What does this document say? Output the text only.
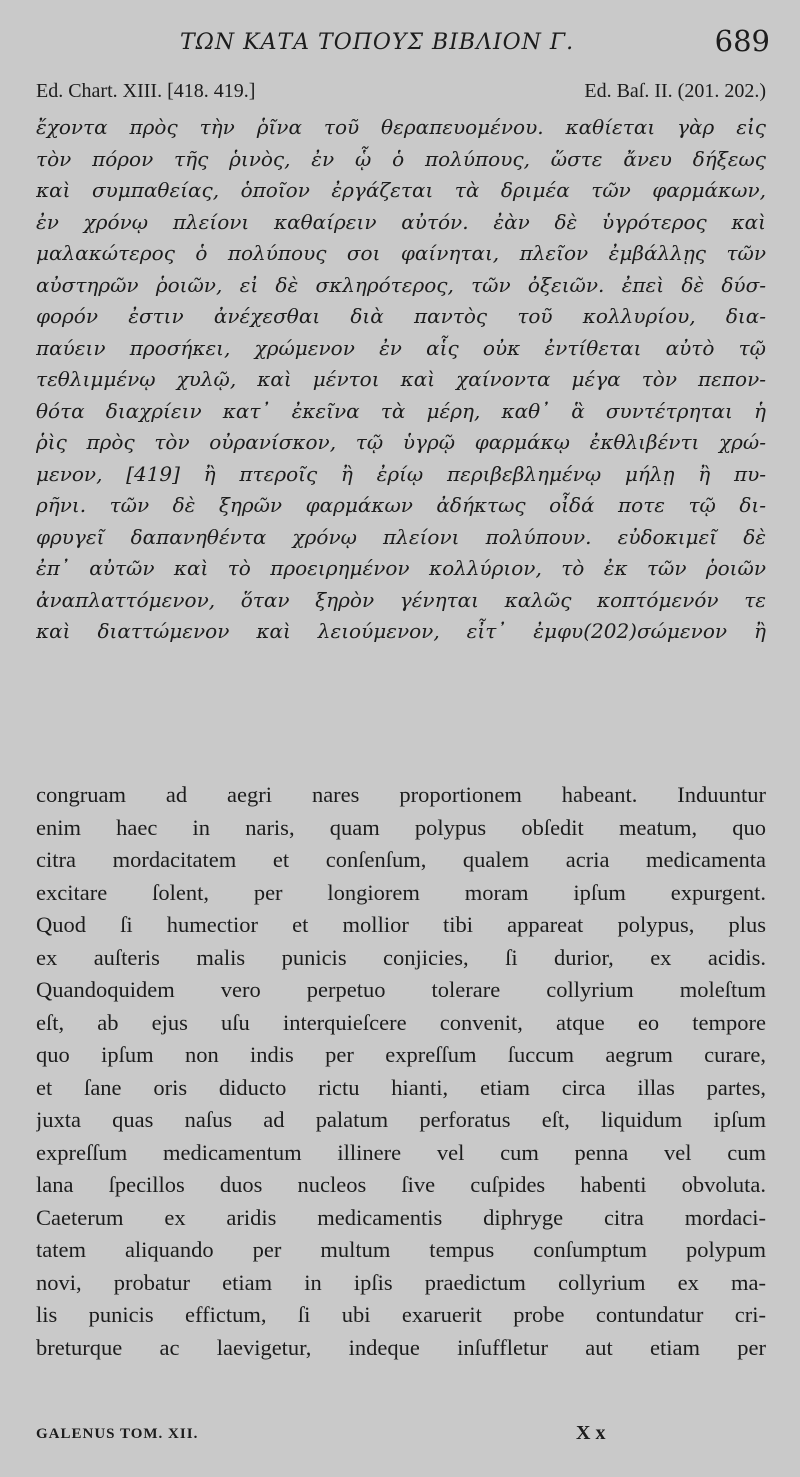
ΤΩΝ ΚΑΤΑ ΤΟΠΟΥΣ ΒΙΒΛΙΟΝ Γ.	689
Ed. Chart. XIII. [418. 419.]	Ed. Baſ. II. (201. 202.)
ἔχοντα πρὸς τὴν ῥῖνα τοῦ θεραπευομένου. καθίεται γὰρ εἰς
τὸν πόρον τῆς ῥινὸς, ἐν ᾧ ὁ πολύπους, ὥστε ἄνευ δήξεως
καὶ συμπαθείας, ὁποῖον ἐργάζεται τὰ δριμέα τῶν φαρμάκων,
ἐν χρόνῳ πλείονι καθαίρειν αὐτόν. ἐὰν δὲ ὑγρότερος καὶ
μαλακώτερος ὁ πολύπους σοι φαίνηται, πλεῖον ἐμβάλλῃς τῶν
αὐστηρῶν ῥοιῶν, εἰ δὲ σκληρότερος, τῶν ὀξειῶν. ἐπεὶ δὲ δύσ-
φορόν ἐστιν ἀνέχεσθαι διὰ παντὸς τοῦ κολλυρίου, δια-
παύειν προσήκει, χρώμενον ἐν αἷς οὐκ ἐντίθεται αὐτὸ τῷ
τεθλιμμένῳ χυλῷ, καὶ μέντοι καὶ χαίνοντα μέγα τὸν πεπον-
θότα διαχρίειν κατ᾽ ἐκεῖνα τὰ μέρη, καθ᾽ ἃ συντέτρηται ἡ
ῥὶς πρὸς τὸν οὐρανίσκον, τῷ ὑγρῷ φαρμάκῳ ἐκθλιβέντι χρώ-
μενον, [419] ἢ πτεροῖς ἢ ἐρίῳ περιβεβλημένῳ μήλῃ ἢ πυ-
ρῆνι. τῶν δὲ ξηρῶν φαρμάκων ἀδήκτως οἶδά ποτε τῷ δι-
φρυγεῖ δαπανηθέντα χρόνῳ πλείονι πολύπουν. εὐδοκιμεῖ δὲ
ἐπ᾽ αὐτῶν καὶ τὸ προειρημένον κολλύριον, τὸ ἐκ τῶν ῥοιῶν
ἀναπλαττόμενον, ὅταν ξηρὸν γένηται καλῶς κοπτόμενόν τε
καὶ διαττώμενον καὶ λειούμενον, εἶτ᾽ ἐμφυ(202)σώμενον ἢ
congruam ad aegri nares proportionem habeant. Induuntur
enim haec in naris, quam polypus obſedit meatum, quo
citra mordacitatem et conſenſum, qualem acria medicamenta
excitare ſolent, per longiorem moram ipſum expurgent.
Quod ſi humectior et mollior tibi appareat polypus, plus
ex auſteris malis punicis conjicies, ſi durior, ex acidis.
Quandoquidem vero perpetuo tolerare collyrium moleſtum
eſt, ab ejus uſu interquieſcere convenit, atque eo tempore
quo ipſum non indis per expreſſum ſuccum aegrum curare,
et ſane oris diducto rictu hianti, etiam circa illas partes,
juxta quas naſus ad palatum perforatus eſt, liquidum ipſum
expreſſum medicamentum illinere vel cum penna vel cum
lana ſpecillos duos nucleos ſive cuſpides habenti obvoluta.
Caeterum ex aridis medicamentis diphryge citra mordaci-
tatem aliquando per multum tempus conſumptum polypum
novi, probatur etiam in ipſis praedictum collyrium ex ma-
lis punicis effictum, ſi ubi exaruerit probe contundatur cri-
breturque ac laevigetur, indeque inſuffletur aut etiam per
GALENUS TOM. XII.	X x
